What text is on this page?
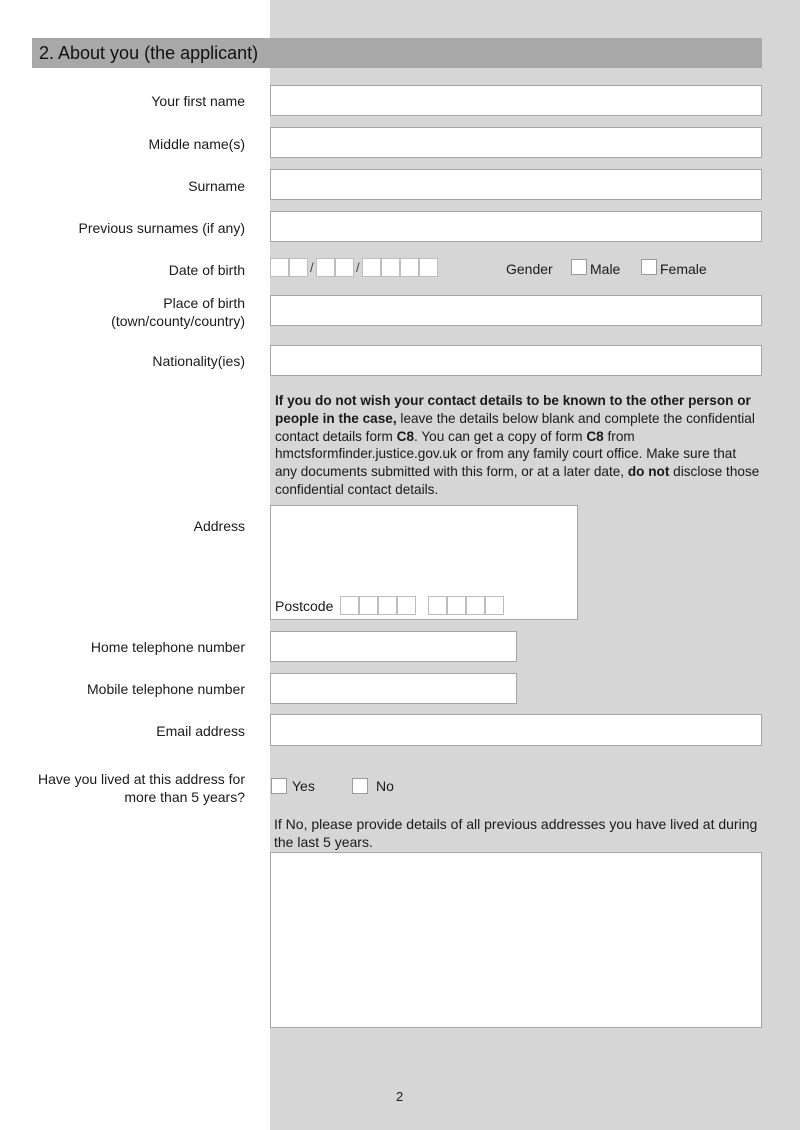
2. About you (the applicant)
Your first name
Middle name(s)
Surname
Previous surnames (if any)
Date of birth	/	/	Gender	Male	Female
Place of birth
(town/county/country)
Nationality(ies)
If you do not wish your contact details to be known to the other person or people in the case, leave the details below blank and complete the confidential contact details form C8. You can get a copy of form C8 from hmctsformfinder.justice.gov.uk or from any family court office. Make sure that any documents submitted with this form, or at a later date, do not disclose those confidential contact details.
Address
Postcode
Home telephone number
Mobile telephone number
Email address
Have you lived at this address for
more than 5 years?
Yes	No
If No, please provide details of all previous addresses you have lived at during the last 5 years.
2
